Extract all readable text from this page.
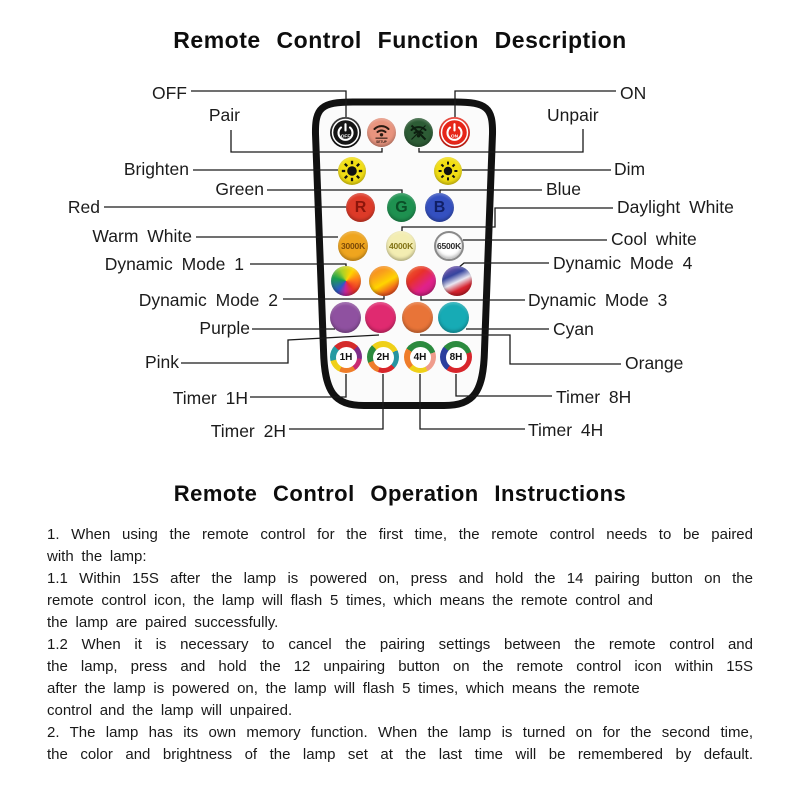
Remote Control Function Description
OFF
SETUP
ON
R G B
3000K	4000K	6500K
1H 2H 4H 8H
OFF
Pair
Brighten
Green
Red
Warm White
Dynamic Mode 1
Dynamic Mode 2
Purple
Pink
Timer 1H
Timer 2H
ON
Unpair
Dim
Blue
Daylight White
Cool white
Dynamic Mode 4
Dynamic Mode 3
Cyan
Orange
Timer 8H
Timer 4H
Remote Control Operation Instructions
1. When using the remote control for the first time, the remote control needs to be paired
with the lamp:
1.1 Within 15S after the lamp is powered on, press and hold the 14 pairing button on the
remote control icon, the lamp will flash 5 times, which means the remote control and
the lamp are paired successfully.
1.2 When it is necessary to cancel the pairing settings between the remote control and
the lamp, press and hold the 12 unpairing button on the remote control icon within 15S
after the lamp is powered on, the lamp will flash 5 times, which means the remote
control and the lamp will unpaired.
2. The lamp has its own memory function. When the lamp is turned on for the second time,
the color and brightness of the lamp set at the last time will be remembered by default.
